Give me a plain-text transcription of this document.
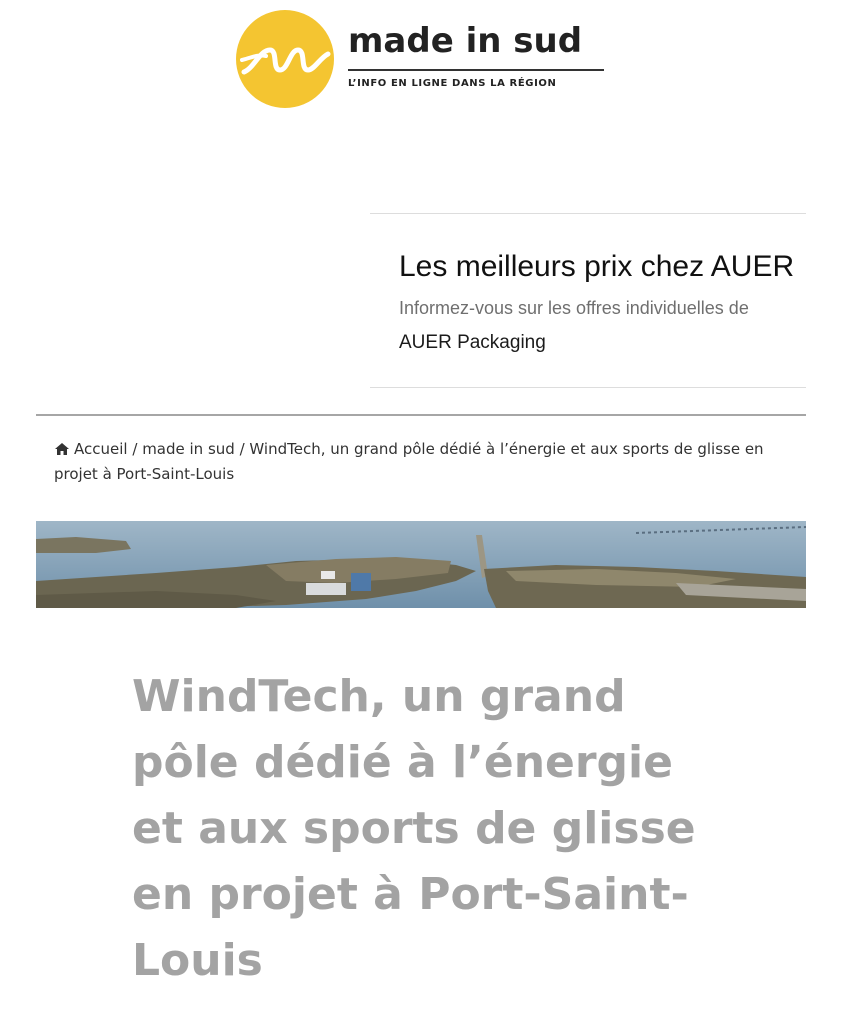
made in sud
L’INFO EN LIGNE DANS LA RÉGION
Les meilleurs prix chez AUER
Informez-vous sur les offres individuelles de
AUER Packaging
Accueil / made in sud / WindTech, un grand pôle dédié à l’énergie et aux sports de glisse en projet à Port-Saint-Louis
WindTech, un grand pôle dédié à l’énergie et aux sports de glisse en projet à Port-Saint-Louis
